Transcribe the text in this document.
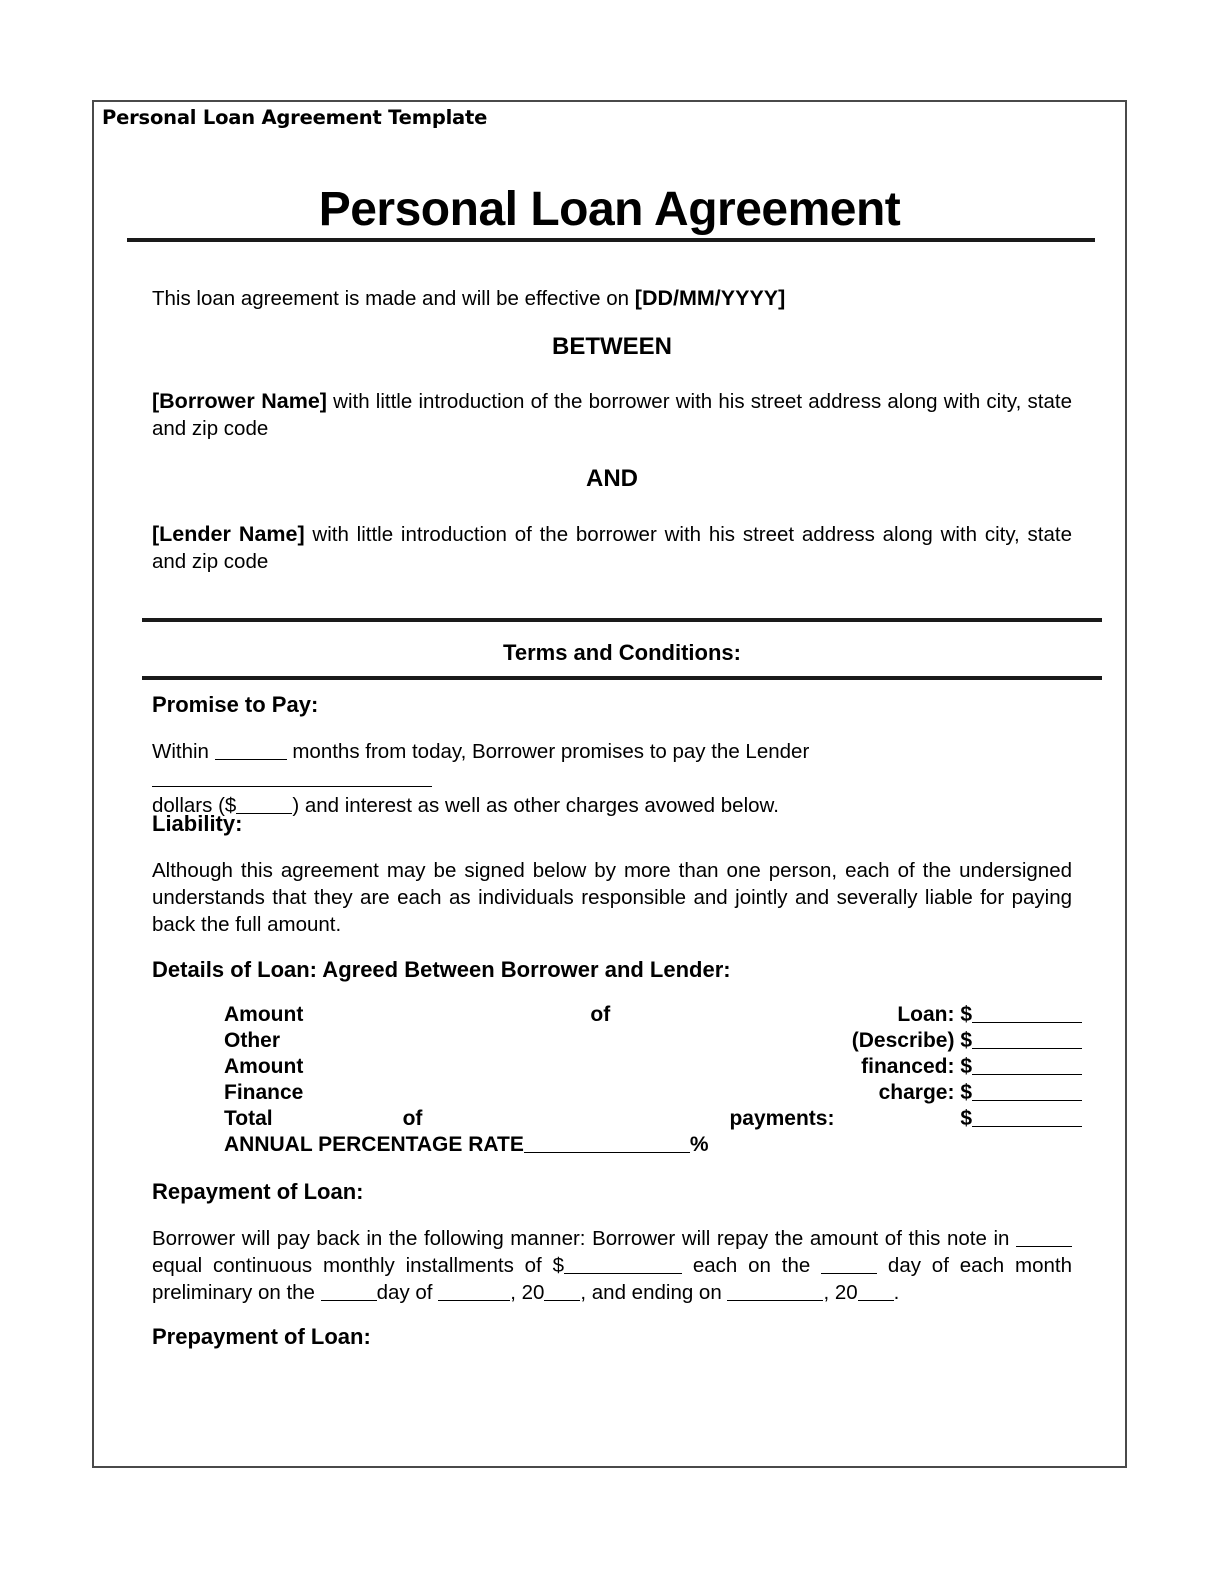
Personal Loan Agreement Template
Personal Loan Agreement
This loan agreement is made and will be effective on [DD/MM/YYYY]
BETWEEN
[Borrower Name] with little introduction of the borrower with his street address along with city, state and zip code
AND
[Lender Name] with little introduction of the borrower with his street address along with city, state and zip code
Terms and Conditions:
Promise to Pay:
Within	months from today, Borrower promises to pay the Lender
dollars ($	) and interest as well as other charges avowed below.
Liability:
Although this agreement may be signed below by more than one person, each of the undersigned understands that they are each as individuals responsible and jointly and severally liable for paying back the full amount.
Details of Loan: Agreed Between Borrower and Lender:
Amount	of	Loan: $
Other	(Describe) $
Amount	financed: $
Finance	charge: $
Total	of	payments:	$
ANNUAL PERCENTAGE RATE	%
Repayment of Loan:
Borrower will pay back in the following manner: Borrower will repay the amount of this note in equal continuous monthly installments of $	each on the	day of each month preliminary on the	day of	, 20 , and ending on	, 20 .
Prepayment of Loan:
